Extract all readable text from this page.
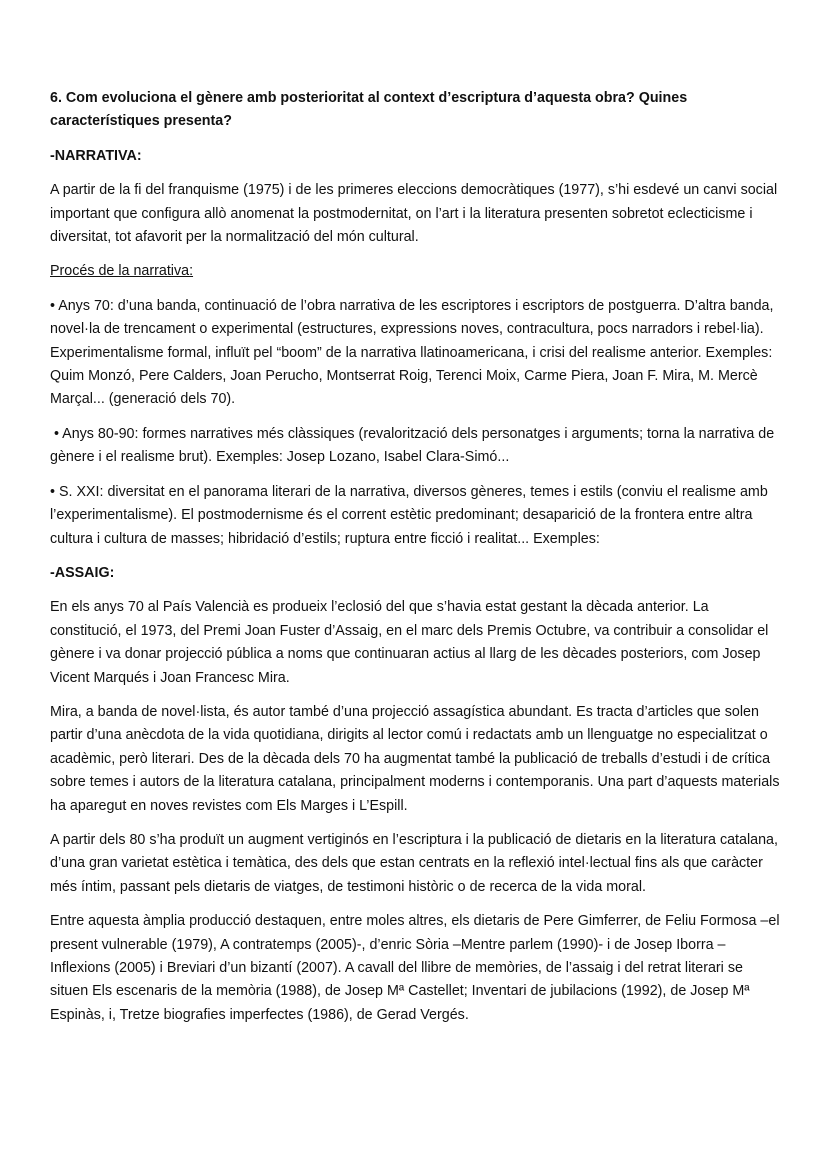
6. Com evoluciona el gènere amb posterioritat al context d’escriptura d’aquesta obra? Quines característiques presenta?

-NARRATIVA:

A partir de la fi del franquisme (1975) i de les primeres eleccions democràtiques (1977), s’hi esdevé un canvi social important que configura allò anomenat la postmodernitat, on l’art i la literatura presenten sobretot eclecticisme i diversitat, tot afavorit per la normalització del món cultural.

Procés de la narrativa:

• Anys 70: d’una banda, continuació de l’obra narrativa de les escriptores i escriptors de postguerra. D’altra banda, novel·la de trencament o experimental (estructures, expressions noves, contracultura, pocs narradors i rebel·lia). Experimentalisme formal, influït pel “boom” de la narrativa llatinoamericana, i crisi del realisme anterior. Exemples: Quim Monzó, Pere Calders, Joan Perucho, Montserrat Roig, Terenci Moix, Carme Piera, Joan F. Mira, M. Mercè Marçal... (generació dels 70).

• Anys 80-90: formes narratives més clàssiques (revalorització dels personatges i arguments; torna la narrativa de gènere i el realisme brut). Exemples: Josep Lozano, Isabel Clara-Simó...

• S. XXI: diversitat en el panorama literari de la narrativa, diversos gèneres, temes i estils (conviu el realisme amb l’experimentalisme). El postmodernisme és el corrent estètic predominant; desaparició de la frontera entre altra cultura i cultura de masses; hibridació d’estils; ruptura entre ficció i realitat... Exemples:

-ASSAIG:

En els anys 70 al País Valencià es produeix l’eclosió del que s’havia estat gestant la dècada anterior. La constitució, el 1973, del Premi Joan Fuster d’Assaig, en el marc dels Premis Octubre, va contribuir a consolidar el gènere i va donar projecció pública a noms que continuaran actius al llarg de les dècades posteriors, com Josep Vicent Marqués i Joan Francesc Mira.

Mira, a banda de novel·lista, és autor també d’una projecció assagística abundant. Es tracta d’articles que solen partir d’una anècdota de la vida quotidiana, dirigits al lector comú i redactats amb un llenguatge no especialitzat o acadèmic, però literari. Des de la dècada dels 70 ha augmentat també la publicació de treballs d’estudi i de crítica sobre temes i autors de la literatura catalana, principalment moderns i contemporanis. Una part d’aquests materials ha aparegut en noves revistes com Els Marges i L’Espill.

A partir dels 80 s’ha produït un augment vertiginós en l’escriptura i la publicació de dietaris en la literatura catalana, d’una gran varietat estètica i temàtica, des dels que estan centrats en la reflexió intel·lectual fins als que caràcter més íntim, passant pels dietaris de viatges, de testimoni històric o de recerca de la vida moral.

Entre aquesta àmplia producció destaquen, entre moles altres, els dietaris de Pere Gimferrer, de Feliu Formosa –el present vulnerable (1979), A contratemps (2005)-, d’enric Sòria –Mentre parlem (1990)- i de Josep Iborra – Inflexions (2005) i Breviari d’un bizantí (2007). A cavall del llibre de memòries, de l’assaig i del retrat literari se situen Els escenaris de la memòria (1988), de Josep Mª Castellet; Inventari de jubilacions (1992), de Josep Mª Espinàs, i, Tretze biografies imperfectes (1986), de Gerad Vergés.
